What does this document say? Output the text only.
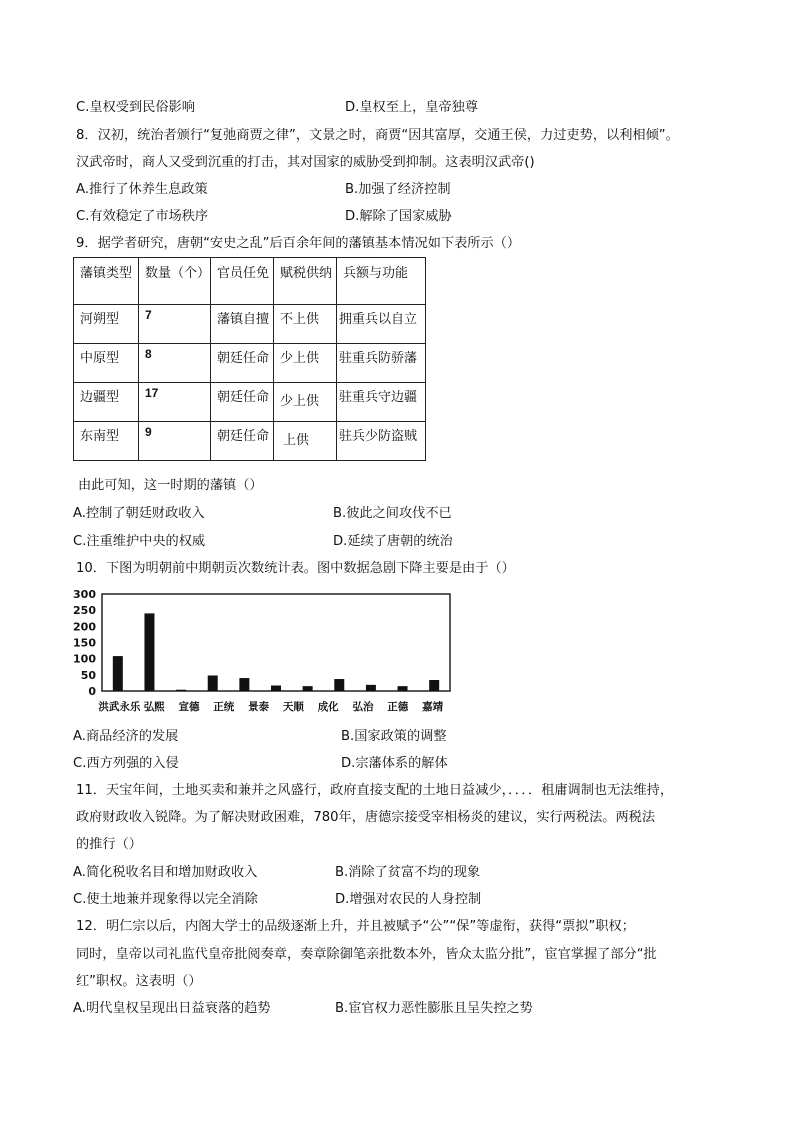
C.皇权受到民俗影响	D.皇权至上，皇帝独尊
8．汉初，统治者颁行“复弛商贾之律”，文景之时，商贾“因其富厚，交通王侯，力过吏势，以利相倾”。
汉武帝时，商人又受到沉重的打击，其对国家的威胁受到抑制。这表明汉武帝()
A.推行了休养生息政策	B.加强了经济控制
C.有效稳定了市场秩序	D.解除了国家威胁
9．据学者研究，唐朝“安史之乱”后百余年间的藩镇基本情况如下表所示（）
藩镇类型	数量（个）	官员任免	赋税供纳	兵额与功能
河朔型	7	藩镇自擅	不上供	拥重兵以自立
中原型	8	朝廷任命	少上供	驻重兵防骄藩
边疆型	17	朝廷任命	少上供	驻重兵守边疆
东南型	9	朝廷任命	上供	驻兵少防盗贼
由此可知，这一时期的藩镇（）
A.控制了朝廷财政收入	B.彼此之间攻伐不已
C.注重维护中央的权威	D.延续了唐朝的统治
10．下图为明朝前中期朝贡次数统计表。图中数据急剧下降主要是由于（）
300
250
200
150
100
50
0
洪武永乐 弘熙 宣德 正统 景泰 天顺 成化 弘治 正德 嘉靖
A.商品经济的发展	B.国家政策的调整
C.西方列强的入侵	D.宗藩体系的解体
11．天宝年间，土地买卖和兼并之风盛行，政府直接支配的土地日益减少，．．．．租庸调制也无法维持，
政府财政收入锐降。为了解决财政困难，780年，唐德宗接受宰相杨炎的建议，实行两税法。两税法
的推行（）
A.简化税收名目和增加财政收入	B.消除了贫富不均的现象
C.使土地兼并现象得以完全消除	D.增强对农民的人身控制
12．明仁宗以后，内阁大学士的品级逐渐上升，并且被赋予“公”“保”等虚衔，获得“票拟”职权；
同时，皇帝以司礼监代皇帝批阅奏章，奏章除御笔亲批数本外，皆众太监分批”，宦官掌握了部分“批
红”职权。这表明（）
A.明代皇权呈现出日益衰落的趋势	B.宦官权力恶性膨胀且呈失控之势
